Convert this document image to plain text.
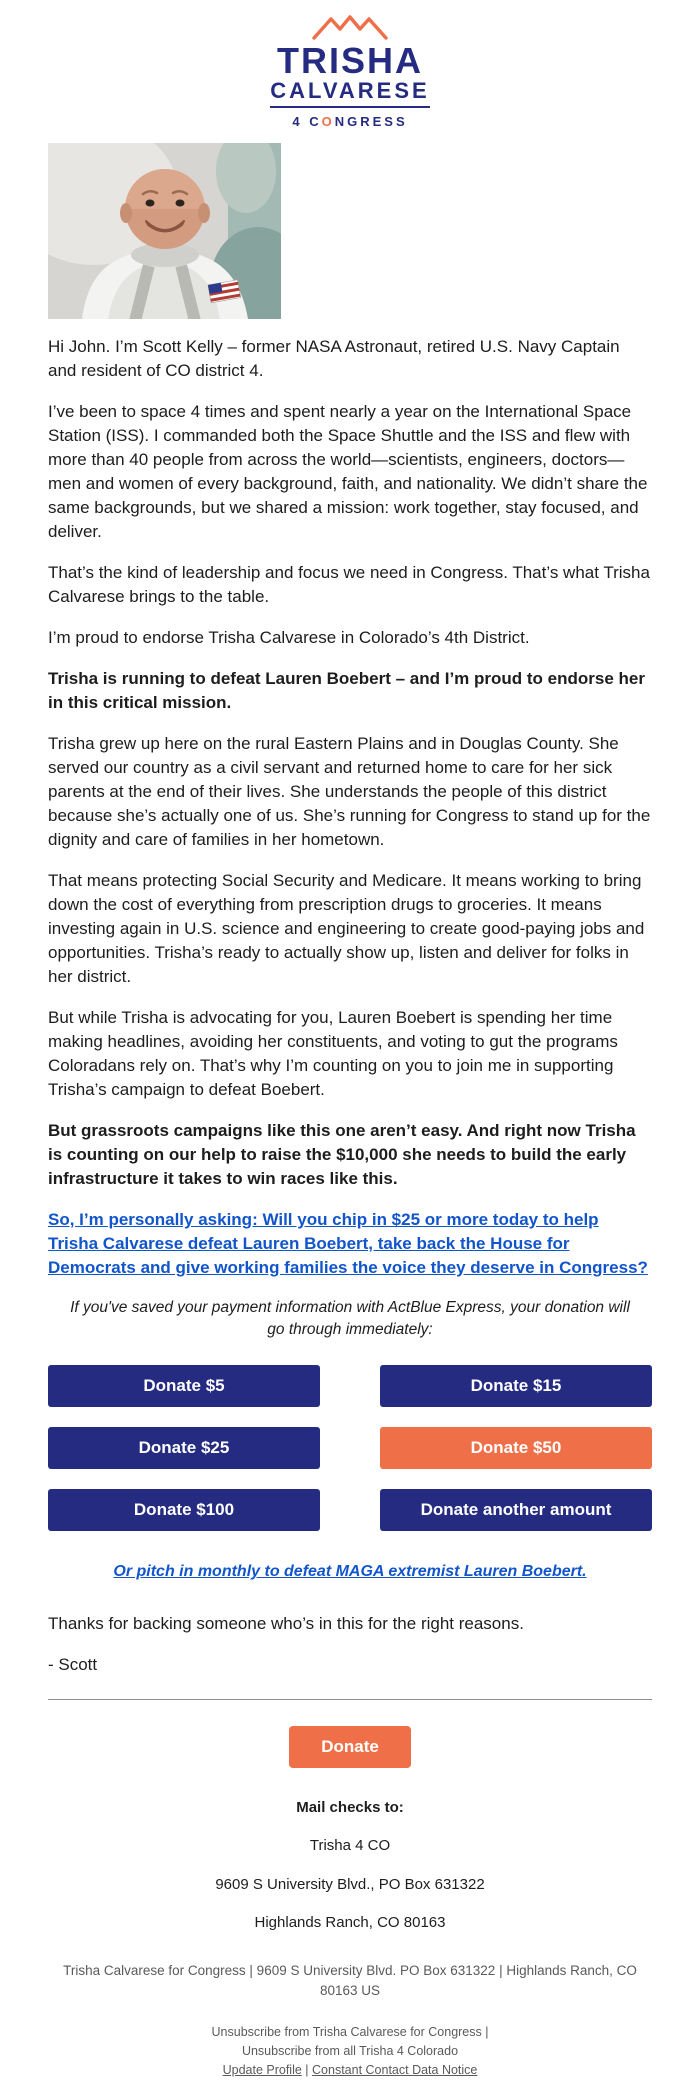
TRISHA
CALVARESE
4 CONGRESS

Hi John. I’m Scott Kelly – former NASA Astronaut, retired U.S. Navy Captain and resident of CO district 4.

I’ve been to space 4 times and spent nearly a year on the International Space Station (ISS). I commanded both the Space Shuttle and the ISS and flew with more than 40 people from across the world—scientists, engineers, doctors—men and women of every background, faith, and nationality. We didn’t share the same backgrounds, but we shared a mission: work together, stay focused, and deliver.

That’s the kind of leadership and focus we need in Congress. That’s what Trisha Calvarese brings to the table.

I’m proud to endorse Trisha Calvarese in Colorado’s 4th District.

Trisha is running to defeat Lauren Boebert – and I’m proud to endorse her in this critical mission.

Trisha grew up here on the rural Eastern Plains and in Douglas County. She served our country as a civil servant and returned home to care for her sick parents at the end of their lives. She understands the people of this district because she’s actually one of us. She’s running for Congress to stand up for the dignity and care of families in her hometown.

That means protecting Social Security and Medicare. It means working to bring down the cost of everything from prescription drugs to groceries. It means investing again in U.S. science and engineering to create good-paying jobs and opportunities. Trisha’s ready to actually show up, listen and deliver for folks in her district.

But while Trisha is advocating for you, Lauren Boebert is spending her time making headlines, avoiding her constituents, and voting to gut the programs Coloradans rely on. That’s why I’m counting on you to join me in supporting Trisha’s campaign to defeat Boebert.

But grassroots campaigns like this one aren’t easy. And right now Trisha is counting on our help to raise the $10,000 she needs to build the early infrastructure it takes to win races like this.

So, I’m personally asking: Will you chip in $25 or more today to help Trisha Calvarese defeat Lauren Boebert, take back the House for Democrats and give working families the voice they deserve in Congress?

If you've saved your payment information with ActBlue Express, your donation will go through immediately:

Donate $5	Donate $15
Donate $25	Donate $50
Donate $100	Donate another amount

Or pitch in monthly to defeat MAGA extremist Lauren Boebert.

Thanks for backing someone who’s in this for the right reasons.

- Scott

Donate

Mail checks to:

Trisha 4 CO

9609 S University Blvd., PO Box 631322

Highlands Ranch, CO 80163

Trisha Calvarese for Congress | 9609 S University Blvd. PO Box 631322 | Highlands Ranch, CO 80163 US
Unsubscribe from Trisha Calvarese for Congress |
Unsubscribe from all Trisha 4 Colorado
Update Profile | Constant Contact Data Notice
